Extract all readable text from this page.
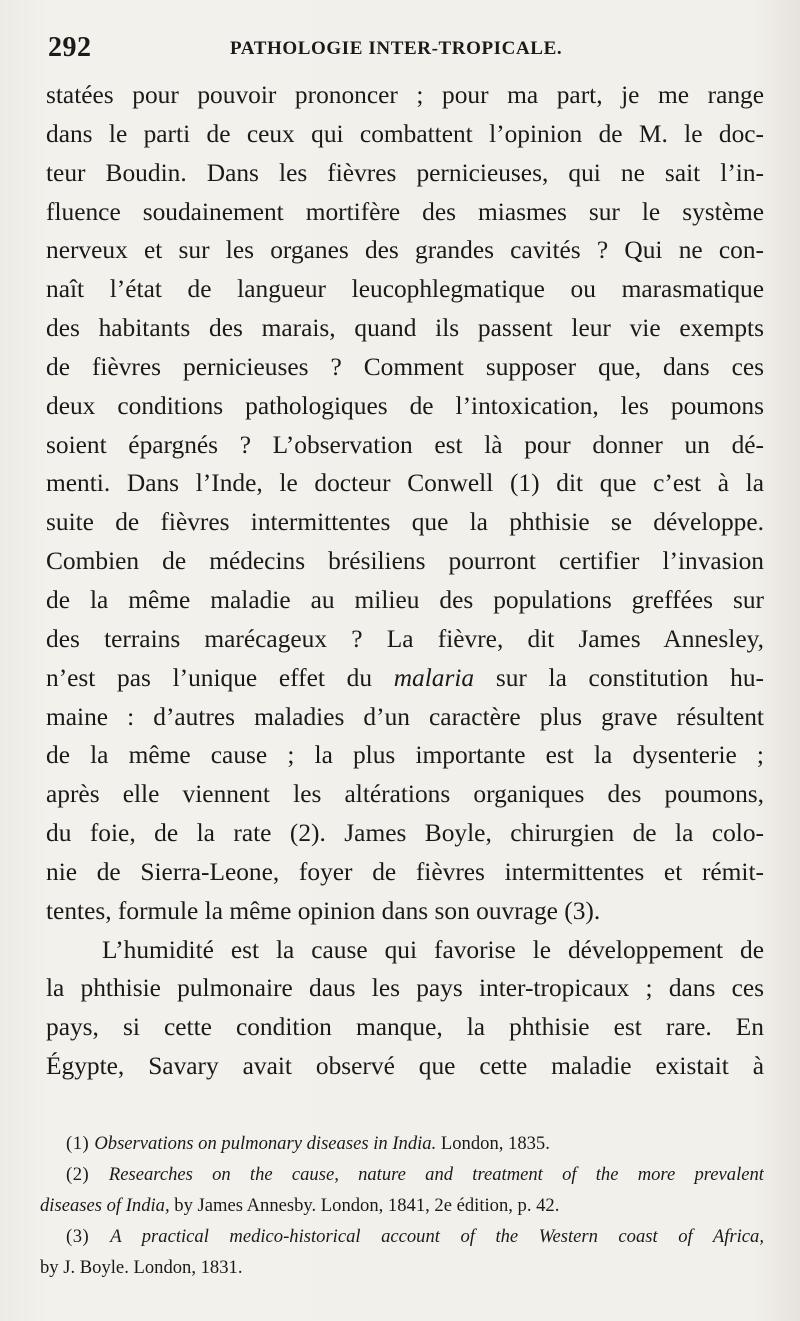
292	PATHOLOGIE INTER-TROPICALE.
statées pour pouvoir prononcer ; pour ma part, je me range
dans le parti de ceux qui combattent l’opinion de M. le doc-
teur Boudin. Dans les fièvres pernicieuses, qui ne sait l’in-
fluence soudainement mortifère des miasmes sur le système
nerveux et sur les organes des grandes cavités ? Qui ne con-
naît l’état de langueur leucophlegmatique ou marasmatique
des habitants des marais, quand ils passent leur vie exempts
de fièvres pernicieuses ? Comment supposer que, dans ces
deux conditions pathologiques de l’intoxication, les poumons
soient épargnés ? L’observation est là pour donner un dé-
menti. Dans l’Inde, le docteur Conwell (1) dit que c’est à la
suite de fièvres intermittentes que la phthisie se développe.
Combien de médecins brésiliens pourront certifier l’invasion
de la même maladie au milieu des populations greffées sur
des terrains marécageux ? La fièvre, dit James Annesley,
n’est pas l’unique effet du malaria sur la constitution hu-
maine : d’autres maladies d’un caractère plus grave résultent
de la même cause ; la plus importante est la dysenterie ;
après elle viennent les altérations organiques des poumons,
du foie, de la rate (2). James Boyle, chirurgien de la colo-
nie de Sierra-Leone, foyer de fièvres intermittentes et rémit-
tentes, formule la même opinion dans son ouvrage (3).
L’humidité est la cause qui favorise le développement de
la phthisie pulmonaire daus les pays inter-tropicaux ; dans ces
pays, si cette condition manque, la phthisie est rare. En
Égypte, Savary avait observé que cette maladie existait à
(1) Observations on pulmonary diseases in India. London, 1835.
(2) Researches on the cause, nature and treatment of the more prevalent
diseases of India, by James Annesby. London, 1841, 2e édition, p. 42.
(3) A practical medico-historical account of the Western coast of Africa,
by J. Boyle. London, 1831.
